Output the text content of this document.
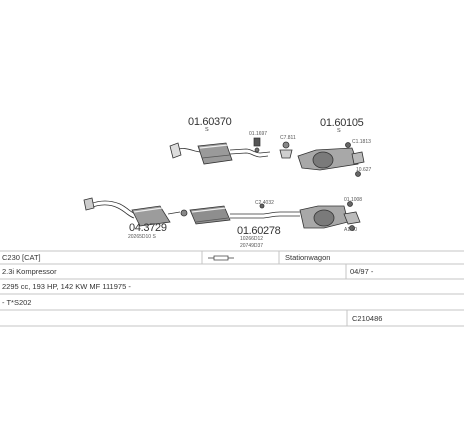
01.60370
S
01.60105
S
04.3729
20265D10 S	01.60278
10266D12
20749D37
01.1697
C7.811
C1.1813
10.627
C2.4032	01.1008
A1.10
C230 [CAT]	Stationwagon
2.3i Kompressor	04/97 -
2295 cc, 193 HP, 142 KW MF 111975 -
- T*S202
C210486
